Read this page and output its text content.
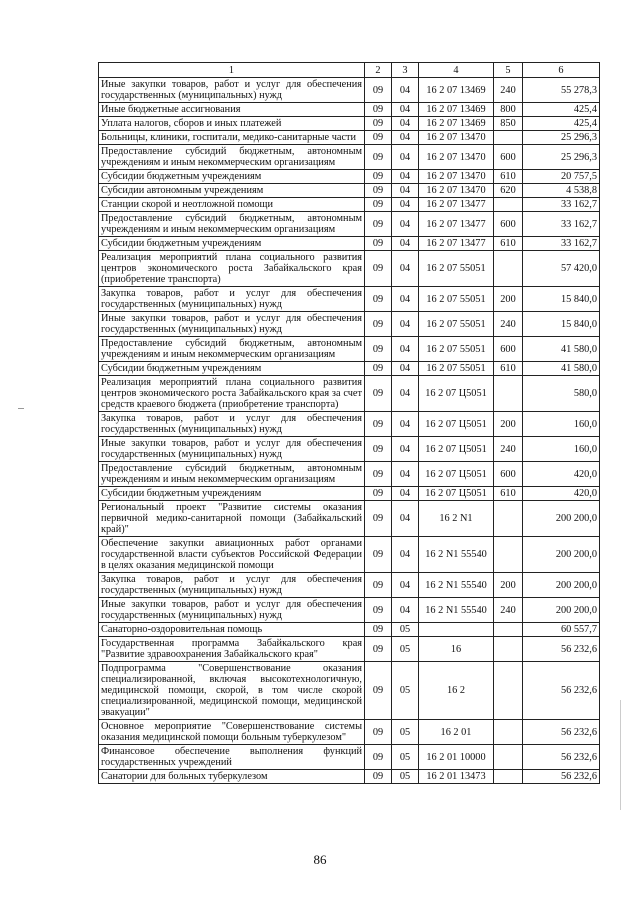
1	2	3	4	5	6
Иные закупки товаров, работ и услуг для обеспечения государственных (муниципальных) нужд	09	04	16 2 07 13469	240	55 278,3
Иные бюджетные ассигнования	09	04	16 2 07 13469	800	425,4
Уплата налогов, сборов и иных платежей	09	04	16 2 07 13469	850	425,4
Больницы, клиники, госпитали, медико-санитарные части	09	04	16 2 07 13470		25 296,3
Предоставление субсидий бюджетным, автономным учреждениям и иным некоммерческим организациям	09	04	16 2 07 13470	600	25 296,3
Субсидии бюджетным учреждениям	09	04	16 2 07 13470	610	20 757,5
Субсидии автономным учреждениям	09	04	16 2 07 13470	620	4 538,8
Станции скорой и неотложной помощи	09	04	16 2 07 13477		33 162,7
Предоставление субсидий бюджетным, автономным учреждениям и иным некоммерческим организациям	09	04	16 2 07 13477	600	33 162,7
Субсидии бюджетным учреждениям	09	04	16 2 07 13477	610	33 162,7
Реализация мероприятий плана социального развития центров экономического роста Забайкальского края (приобретение транспорта)	09	04	16 2 07 55051		57 420,0
Закупка товаров, работ и услуг для обеспечения государственных (муниципальных) нужд	09	04	16 2 07 55051	200	15 840,0
Иные закупки товаров, работ и услуг для обеспечения государственных (муниципальных) нужд	09	04	16 2 07 55051	240	15 840,0
Предоставление субсидий бюджетным, автономным учреждениям и иным некоммерческим организациям	09	04	16 2 07 55051	600	41 580,0
Субсидии бюджетным учреждениям	09	04	16 2 07 55051	610	41 580,0
Реализация мероприятий плана социального развития центров экономического роста Забайкальского края за счет средств краевого бюджета (приобретение транспорта)	09	04	16 2 07 Ц5051		580,0
Закупка товаров, работ и услуг для обеспечения государственных (муниципальных) нужд	09	04	16 2 07 Ц5051	200	160,0
Иные закупки товаров, работ и услуг для обеспечения государственных (муниципальных) нужд	09	04	16 2 07 Ц5051	240	160,0
Предоставление субсидий бюджетным, автономным учреждениям и иным некоммерческим организациям	09	04	16 2 07 Ц5051	600	420,0
Субсидии бюджетным учреждениям	09	04	16 2 07 Ц5051	610	420,0
Региональный проект "Развитие системы оказания первичной медико-санитарной помощи (Забайкальский край)"	09	04	16 2 N1		200 200,0
Обеспечение закупки авиационных работ органами государственной власти субъектов Российской Федерации в целях оказания медицинской помощи	09	04	16 2 N1 55540		200 200,0
Закупка товаров, работ и услуг для обеспечения государственных (муниципальных) нужд	09	04	16 2 N1 55540	200	200 200,0
Иные закупки товаров, работ и услуг для обеспечения государственных (муниципальных) нужд	09	04	16 2 N1 55540	240	200 200,0
Санаторно-оздоровительная помощь	09	05			60 557,7
Государственная программа Забайкальского края "Развитие здравоохранения Забайкальского края"	09	05	16		56 232,6
Подпрограмма "Совершенствование оказания специализированной, включая высокотехнологичную, медицинской помощи, скорой, в том числе скорой специализированной, медицинской помощи, медицинской эвакуации"	09	05	16 2		56 232,6
Основное мероприятие "Совершенствование системы оказания медицинской помощи больным туберкулезом"	09	05	16 2 01		56 232,6
Финансовое обеспечение выполнения функций государственных учреждений	09	05	16 2 01 10000		56 232,6
Санатории для больных туберкулезом	09	05	16 2 01 13473		56 232,6
86
